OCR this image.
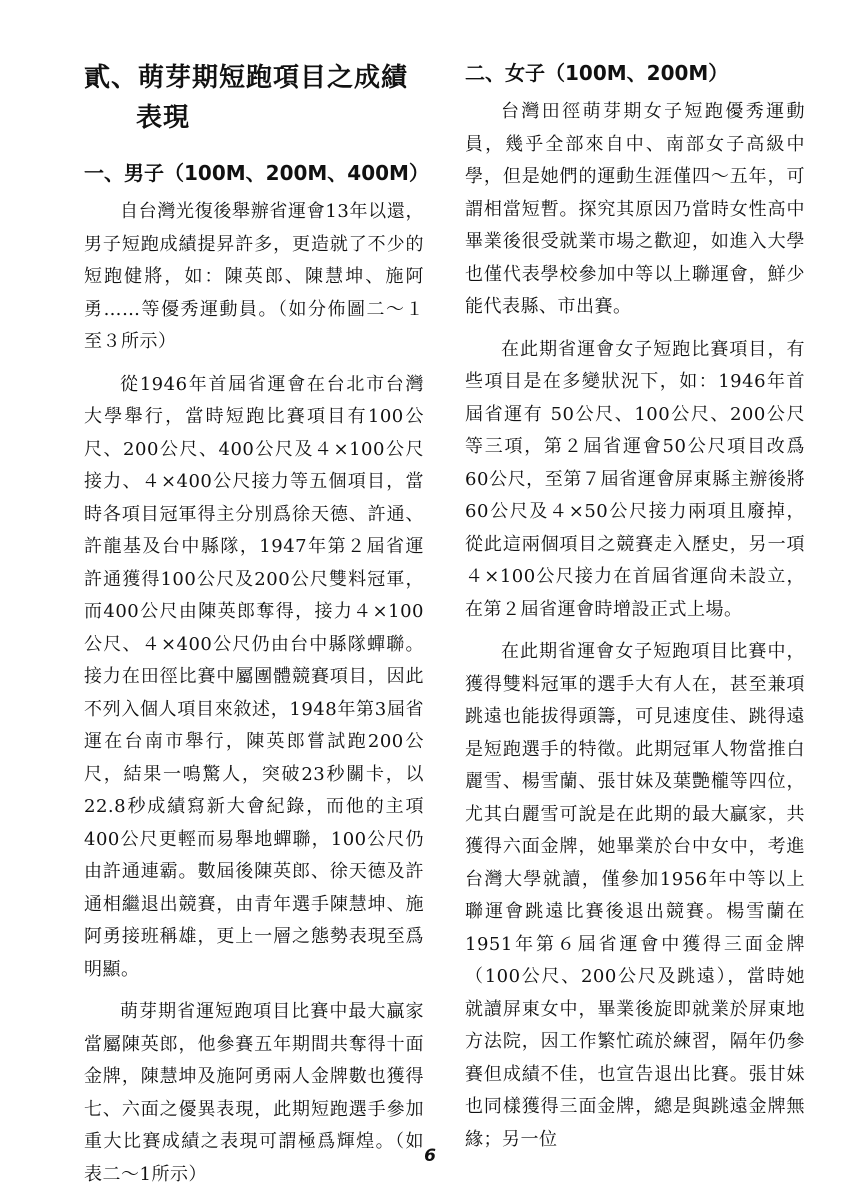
貳、萌芽期短跑項目之成績表現
一、男子（100M、200M、400M）

自台灣光復後舉辦省運會13年以還，男子短跑成績提昇許多，更造就了不少的短跑健將，如：陳英郎、陳慧坤、施阿勇……等優秀運動員。（如分佈圖二～１至３所示）

從1946年首屆省運會在台北市台灣大學舉行，當時短跑比賽項目有100公尺、200公尺、400公尺及４×100公尺接力、４×400公尺接力等五個項目，當時各項目冠軍得主分別爲徐天德、許通、許龍基及台中縣隊，1947年第２屆省運許通獲得100公尺及200公尺雙料冠軍，而400公尺由陳英郎奪得，接力４×100公尺、４×400公尺仍由台中縣隊蟬聯。接力在田徑比賽中屬團體競賽項目，因此不列入個人項目來敘述，1948年第3屆省運在台南市舉行，陳英郎嘗試跑200公尺，結果一鳴驚人，突破23秒關卡，以22.8秒成績寫新大會紀錄，而他的主項400公尺更輕而易舉地蟬聯，100公尺仍由許通連霸。數屆後陳英郎、徐天德及許通相繼退出競賽，由青年選手陳慧坤、施阿勇接班稱雄，更上一層之態勢表現至爲明顯。

萌芽期省運短跑項目比賽中最大贏家當屬陳英郎，他參賽五年期間共奪得十面金牌，陳慧坤及施阿勇兩人金牌數也獲得七、六面之優異表現，此期短跑選手參加重大比賽成績之表現可謂極爲輝煌。（如表二～1所示）

二、女子（100M、200M）

台灣田徑萌芽期女子短跑優秀運動員，幾乎全部來自中、南部女子高級中學，但是她們的運動生涯僅四～五年，可謂相當短暫。探究其原因乃當時女性高中畢業後很受就業市場之歡迎，如進入大學也僅代表學校參加中等以上聯運會，鮮少能代表縣、市出賽。

在此期省運會女子短跑比賽項目，有些項目是在多變狀況下，如：1946年首屆省運有 50公尺、100公尺、200公尺等三項，第２屆省運會50公尺項目改爲60公尺，至第７屆省運會屏東縣主辦後將60公尺及４×50公尺接力兩項且廢掉，從此這兩個項目之競賽走入歷史，另一項４×100公尺接力在首屆省運尙未設立，在第２屆省運會時增設正式上場。

在此期省運會女子短跑項目比賽中，獲得雙料冠軍的選手大有人在，甚至兼項跳遠也能拔得頭籌，可見速度佳、跳得遠是短跑選手的特徵。此期冠軍人物當推白麗雪、楊雪蘭、張甘妹及葉艷櫳等四位，尤其白麗雪可說是在此期的最大贏家，共獲得六面金牌，她畢業於台中女中，考進台灣大學就讀，僅參加1956年中等以上聯運會跳遠比賽後退出競賽。楊雪蘭在1951年第６屆省運會中獲得三面金牌（100公尺、200公尺及跳遠），當時她就讀屏東女中，畢業後旋即就業於屏東地方法院，因工作繁忙疏於練習，隔年仍參賽但成績不佳，也宣告退出比賽。張甘妹也同樣獲得三面金牌，總是與跳遠金牌無緣；另一位

6
